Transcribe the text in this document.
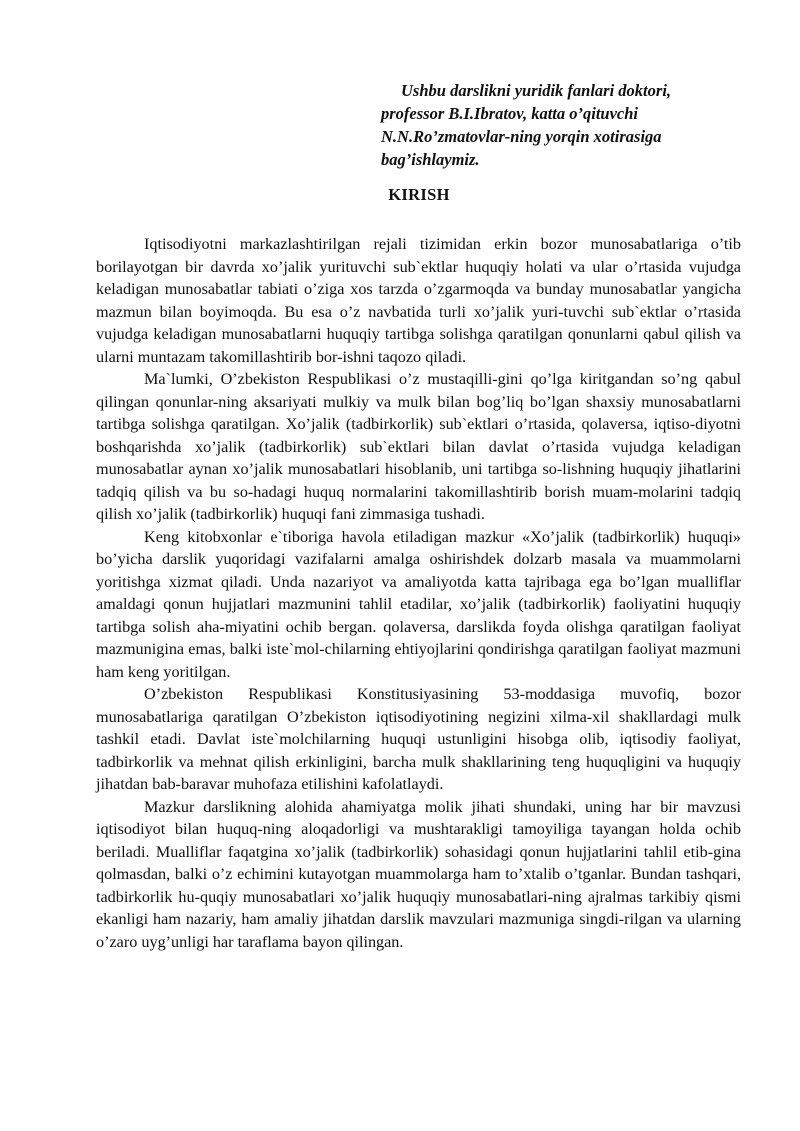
Ushbu darslikni yuridik fanlari doktori,
professor B.I.Ibratov, katta o’qituvchi
N.N.Ro’zmatovlar-ning yorqin xotirasiga
bag’ishlaymiz.
KIRISH

Iqtisodiyotni markazlashtirilgan rejali tizimidan erkin bozor munosabatlariga o’tib borilayotgan bir davrda xo’jalik yurituvchi sub`ektlar huquqiy holati va ular o’rtasida vujudga keladigan munosabatlar tabiati o’ziga xos tarzda o’zgarmoqda va bunday munosabatlar yangicha mazmun bilan boyimoqda. Bu esa o’z navbatida turli xo’jalik yuri-tuvchi sub`ektlar o’rtasida vujudga keladigan munosabatlarni huquqiy tartibga solishga qaratilgan qonunlarni qabul qilish va ularni muntazam takomillashtirib bor-ishni taqozo qiladi.

Ma`lumki, O’zbekiston Respublikasi o’z mustaqilli-gini qo’lga kiritgandan so’ng qabul qilingan qonunlar-ning aksariyati mulkiy va mulk bilan bog’liq bo’lgan shaxsiy munosabatlarni tartibga solishga qaratilgan. Xo’jalik (tadbirkorlik) sub`ektlari o’rtasida, qolaversa, iqtiso-diyotni boshqarishda xo’jalik (tadbirkorlik) sub`ektlari bilan davlat o’rtasida vujudga keladigan munosabatlar aynan xo’jalik munosabatlari hisoblanib, uni tartibga so-lishning huquqiy jihatlarini tadqiq qilish va bu so-hadagi huquq normalarini takomillashtirib borish muam-molarini tadqiq qilish xo’jalik (tadbirkorlik) huquqi fani zimmasiga tushadi.

Keng kitobxonlar e`tiboriga havola etiladigan mazkur «Xo’jalik (tadbirkorlik) huquqi» bo’yicha darslik yuqoridagi vazifalarni amalga oshirishdek dolzarb masala va muammolarni yoritishga xizmat qiladi. Unda nazariyot va amaliyotda katta tajribaga ega bo’lgan mualliflar amaldagi qonun hujjatlari mazmunini tahlil etadilar, xo’jalik (tadbirkorlik) faoliyatini huquqiy tartibga solish aha-miyatini ochib bergan. qolaversa, darslikda foyda olishga qaratilgan faoliyat mazmunigina emas, balki iste`mol-chilarning ehtiyojlarini qondirishga qaratilgan faoliyat mazmuni ham keng yoritilgan.

O’zbekiston Respublikasi Konstitusiyasining 53-moddasiga muvofiq, bozor munosabatlariga qaratilgan O’zbekiston iqtisodiyotining negizini xilma-xil shakllardagi mulk tashkil etadi. Davlat iste`molchilarning huquqi ustunligini hisobga olib, iqtisodiy faoliyat, tadbirkorlik va mehnat qilish erkinligini, barcha mulk shakllarining teng huquqligini va huquqiy jihatdan bab-baravar muhofaza etilishini kafolatlaydi.

Mazkur darslikning alohida ahamiyatga molik jihati shundaki, uning har bir mavzusi iqtisodiyot bilan huquq-ning aloqadorligi va mushtarakligi tamoyiliga tayangan holda ochib beriladi. Mualliflar faqatgina xo’jalik (tadbirkorlik) sohasidagi qonun hujjatlarini tahlil etib-gina qolmasdan, balki o’z echimini kutayotgan muammolarga ham to’xtalib o’tganlar. Bundan tashqari, tadbirkorlik hu-quqiy munosabatlari xo’jalik huquqiy munosabatlari-ning ajralmas tarkibiy qismi ekanligi ham nazariy, ham amaliy jihatdan darslik mavzulari mazmuniga singdi-rilgan va ularning o’zaro uyg’unligi har taraflama bayon qilingan.
